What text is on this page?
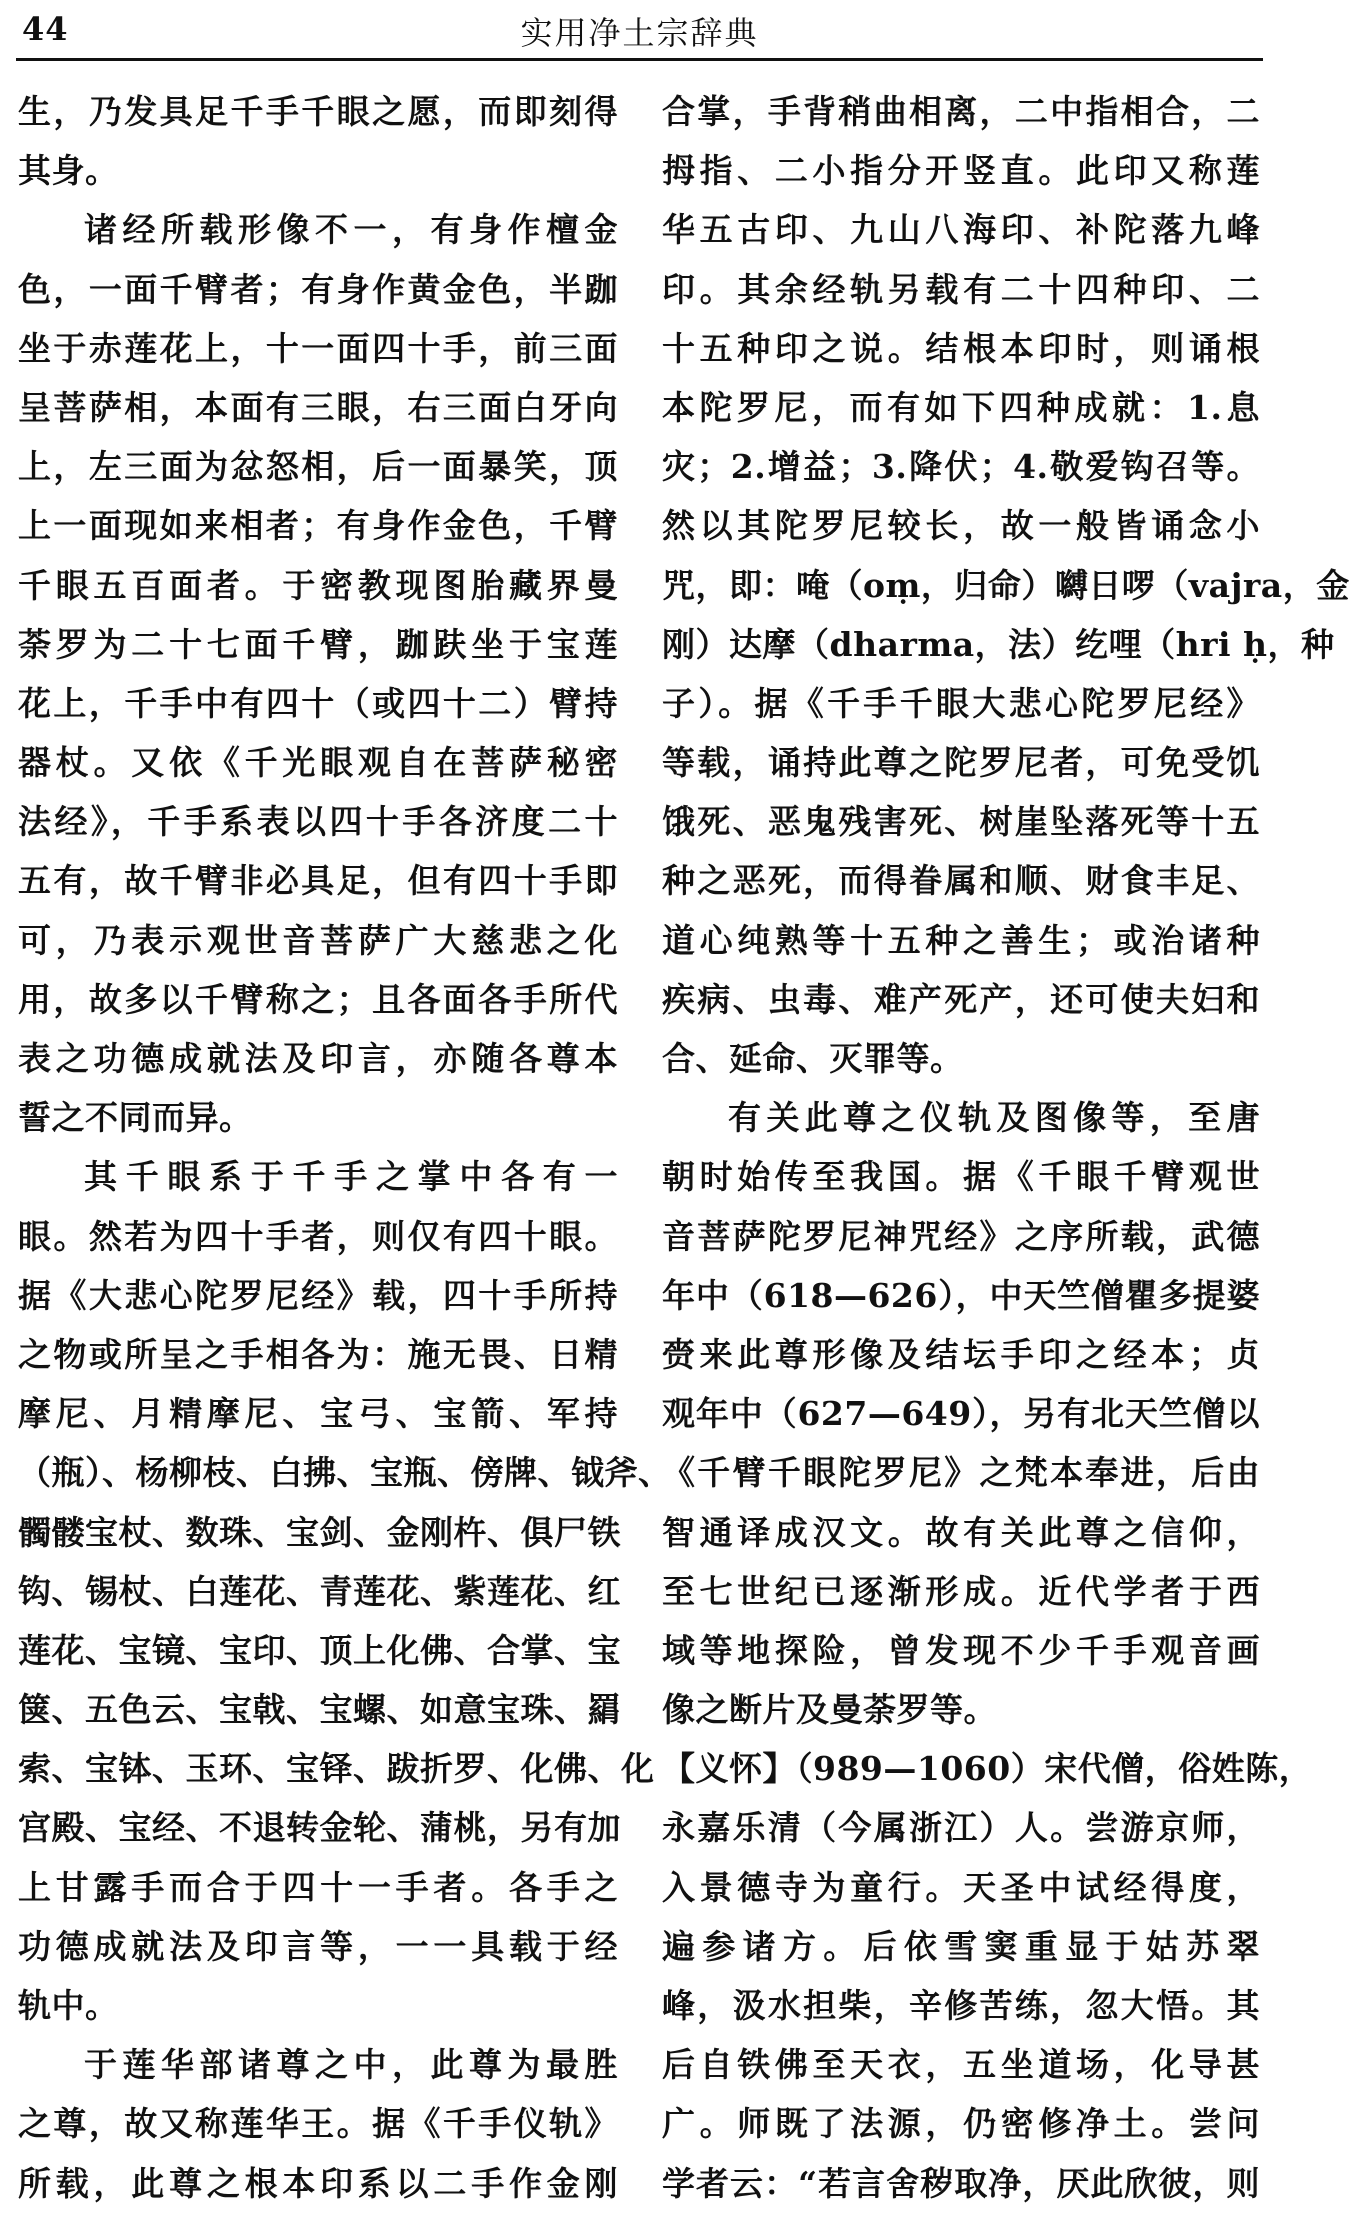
44	实用净土宗辞典
生，乃发具足千手千眼之愿，而即刻得
其身。
诸经所载形像不一，有身作檀金
色，一面千臂者；有身作黄金色，半跏
坐于赤莲花上，十一面四十手，前三面
呈菩萨相，本面有三眼，右三面白牙向
上，左三面为忿怒相，后一面暴笑，顶
上一面现如来相者；有身作金色，千臂
千眼五百面者。于密教现图胎藏界曼
荼罗为二十七面千臂，跏趺坐于宝莲
花上，千手中有四十（或四十二）臂持
器杖。又依《千光眼观自在菩萨秘密
法经》，千手系表以四十手各济度二十
五有，故千臂非必具足，但有四十手即
可，乃表示观世音菩萨广大慈悲之化
用，故多以千臂称之；且各面各手所代
表之功德成就法及印言，亦随各尊本
誓之不同而异。
其千眼系于千手之掌中各有一
眼。然若为四十手者，则仅有四十眼。
据《大悲心陀罗尼经》载，四十手所持
之物或所呈之手相各为：施无畏、日精
摩尼、月精摩尼、宝弓、宝箭、军持
（瓶）、杨柳枝、白拂、宝瓶、傍牌、钺斧、
髑髅宝杖、数珠、宝剑、金刚杵、俱尸铁
钩、锡杖、白莲花、青莲花、紫莲花、红
莲花、宝镜、宝印、顶上化佛、合掌、宝
箧、五色云、宝戟、宝螺、如意宝珠、羂
索、宝钵、玉环、宝铎、跋折罗、化佛、化
宫殿、宝经、不退转金轮、蒲桃，另有加
上甘露手而合于四十一手者。各手之
功德成就法及印言等，一一具载于经
轨中。
于莲华部诸尊之中，此尊为最胜
之尊，故又称莲华王。据《千手仪轨》
所载，此尊之根本印系以二手作金刚
合掌，手背稍曲相离，二中指相合，二
拇指、二小指分开竖直。此印又称莲
华五古印、九山八海印、补陀落九峰
印。其余经轨另载有二十四种印、二
十五种印之说。结根本印时，则诵根
本陀罗尼，而有如下四种成就：1.息
灾；2.增益；3.降伏；4.敬爱钩召等。
然以其陀罗尼较长，故一般皆诵念小
咒，即：唵（oṃ，归命）嚩日啰（vajra，金
刚）达摩（dharma，法）纥哩（hri ḥ，种
子）。据《千手千眼大悲心陀罗尼经》
等载，诵持此尊之陀罗尼者，可免受饥
饿死、恶鬼残害死、树崖坠落死等十五
种之恶死，而得眷属和顺、财食丰足、
道心纯熟等十五种之善生；或治诸种
疾病、虫毒、难产死产，还可使夫妇和
合、延命、灭罪等。
有关此尊之仪轨及图像等，至唐
朝时始传至我国。据《千眼千臂观世
音菩萨陀罗尼神咒经》之序所载，武德
年中（618—626），中天竺僧瞿多提婆
赍来此尊形像及结坛手印之经本；贞
观年中（627—649），另有北天竺僧以
《千臂千眼陀罗尼》之梵本奉进，后由
智通译成汉文。故有关此尊之信仰，
至七世纪已逐渐形成。近代学者于西
域等地探险，曾发现不少千手观音画
像之断片及曼荼罗等。
【义怀】（989—1060）宋代僧，俗姓陈，
永嘉乐清（今属浙江）人。尝游京师，
入景德寺为童行。天圣中试经得度，
遍参诸方。后依雪窦重显于姑苏翠
峰，汲水担柴，辛修苦练，忽大悟。其
后自铁佛至天衣，五坐道场，化导甚
广。师既了法源，仍密修净土。尝问
学者云：“若言舍秽取净，厌此欣彼，则
